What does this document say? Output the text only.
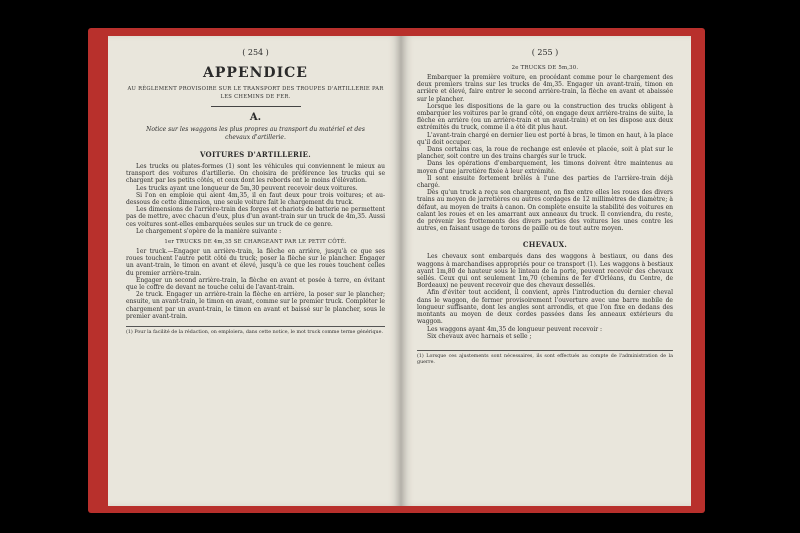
( 254 )
APPENDICE
AU RÈGLEMENT PROVISOIRE SUR LE TRANSPORT DES TROUPES D'ARTILLERIE PAR LES CHEMINS DE FER.
A.
Notice sur les waggons les plus propres au transport du matériel et des chevaux d'artillerie.
VOITURES D'ARTILLERIE.

Les trucks ou plates-formes (1) sont les véhicules qui conviennent le mieux au transport des voitures d'artillerie. On choisira de préférence les trucks qui se chargent par les petits côtés, et ceux dont les rebords ont le moins d'élévation.

Les trucks ayant une longueur de 5m,30 peuvent recevoir deux voitures.

Si l'on en emploie qui aient 4m,35, il en faut deux pour trois voitures; et au-dessous de cette dimension, une seule voiture fait le chargement du truck.

Les dimensions de l'arrière-train des forges et chariots de batterie ne permettent pas de mettre, avec chacun d'eux, plus d'un avant-train sur un truck de 4m,35. Aussi ces voitures sont-elles embarquées seules sur un truck de ce genre.

Le chargement s'opère de la manière suivante :

1er TRUCKS DE 4m,35 SE CHARGEANT PAR LE PETIT CÔTÉ.

1er truck.—Engager un arrière-train, la flèche en arrière, jusqu'à ce que ses roues touchent l'autre petit côté du truck; poser la flèche sur le plancher. Engager un avant-train, le timon en avant et élevé, jusqu'à ce que les roues touchent celles du premier arrière-train.

Engager un second arrière-train, la flèche en avant et posée à terre, en évitant que le coffre de devant ne touche celui de l'avant-train.

2e truck. Engager un arrière-train la flèche en arrière, la poser sur le plancher; ensuite, un avant-train, le timon en avant, comme sur le premier truck. Compléter le chargement par un avant-train, le timon en avant et baissé sur le plancher, sous le premier avant-train.

(1) Pour la facilité de la rédaction, on emploiera, dans cette notice, le mot truck comme terme générique.
( 255 )
2e TRUCKS DE 5m,30.

Embarquer la première voiture, en procédant comme pour le chargement des deux premiers trains sur les trucks de 4m,35. Engager un avant-train, timon en arrière et élevé, faire entrer le second arrière-train, la flèche en avant et abaissée sur le plancher.

Lorsque les dispositions de la gare ou la construction des trucks obligent à embarquer les voitures par le grand côté, on engage deux arrière-trains de suite, la flèche en arrière (ou un arrière-train et un avant-train) et on les dispose aux deux extrémités du truck, comme il a été dit plus haut.

L'avant-train chargé en dernier lieu est porté à bras, le timon en haut, à la place qu'il doit occuper.

Dans certains cas, la roue de rechange est enlevée et placée, soit à plat sur le plancher, soit contre un des trains chargés sur le truck.

Dans les opérations d'embarquement, les timons doivent être maintenus au moyen d'une jarretière fixée à leur extrémité.

Il sont ensuite fortement brêlés à l'une des parties de l'arrière-train déjà chargé.

Dès qu'un truck a reçu son chargement, on fixe entre elles les roues des divers trains au moyen de jarretières ou autres cordages de 12 millimètres de diamètre; à défaut, au moyen de traits à canon. On complète ensuite la stabilité des voitures en calant les roues et en les amarrant aux anneaux du truck. Il conviendra, du reste, de prévenir les frottements des divers parties des voitures les unes contre les autres, en faisant usage de torons de paille ou de tout autre moyen.

CHEVAUX.

Les chevaux sont embarqués dans des waggons à bestiaux, ou dans des waggons à marchandises appropriés pour ce transport (1). Les waggons à bestiaux ayant 1m,80 de hauteur sous le linteau de la porte, peuvent recevoir des chevaux sellés. Ceux qui ont seulement 1m,70 (chemins de fer d'Orléans, du Centre, de Bordeaux) ne peuvent recevoir que des chevaux dessellés.

Afin d'éviter tout accident, il convient, après l'introduction du dernier cheval dans le waggon, de fermer provisoirement l'ouverture avec une barre mobile de longueur suffisante, dont les angles sont arrondis, et que l'on fixe en dedans des montants au moyen de deux cordes passées dans les anneaux extérieurs du waggon.

Les waggons ayant 4m,35 de longueur peuvent recevoir :

Six chevaux avec harnais et selle ;

(1) Lorsque ces ajustements sont nécessaires, ils sont effectués au compte de l'administration de la guerre.
